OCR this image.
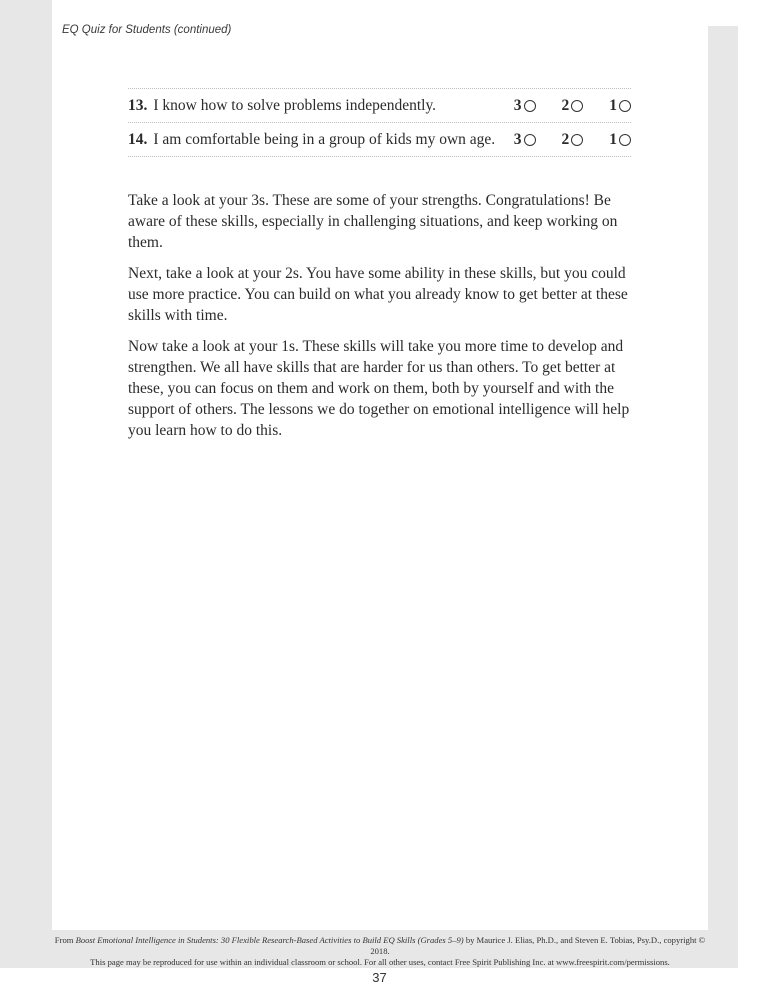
EQ Quiz for Students (continued)
13. I know how to solve problems independently.	3	2	1
14. I am comfortable being in a group of kids my own age.	3	2	1

Take a look at your 3s. These are some of your strengths. Congratulations! Be aware of these skills, especially in challenging situations, and keep working on them.

Next, take a look at your 2s. You have some ability in these skills, but you could use more practice. You can build on what you already know to get better at these skills with time.

Now take a look at your 1s. These skills will take you more time to develop and strengthen. We all have skills that are harder for us than others. To get better at these, you can focus on them and work on them, both by yourself and with the support of others. The lessons we do together on emotional intelligence will help you learn how to do this.

From Boost Emotional Intelligence in Students: 30 Flexible Research-Based Activities to Build EQ Skills (Grades 5–9) by Maurice J. Elias, Ph.D., and Steven E. Tobias, Psy.D., copyright © 2018.
This page may be reproduced for use within an individual classroom or school. For all other uses, contact Free Spirit Publishing Inc. at www.freespirit.com/permissions.
37
